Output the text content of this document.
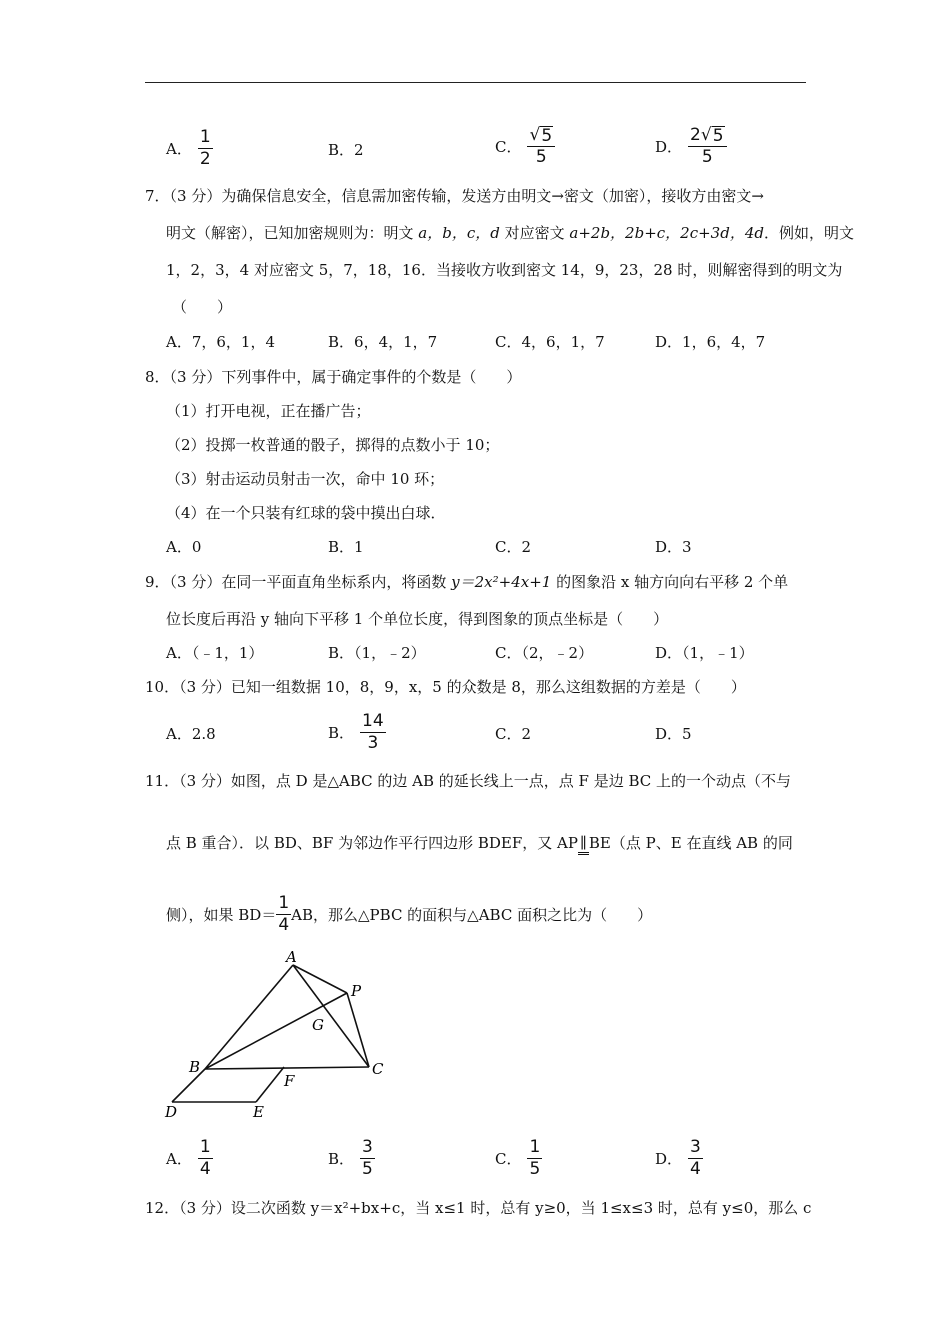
A． $\frac{1}{2}$	B．2	C． $\frac{√ 5}{5}$	D． $\frac{2 √ 5}{5}$
7．（3 分）为确保信息安全，信息需加密传输，发送方由明文→密文（加密），接收方由密文→
明文（解密），已知加密规则为：明文 a，b，c，d 对应密文 a+2b，2b+c，2c+3d，4d．例如，明文
1，2，3，4 对应密文 5，7，18，16．当接收方收到密文 14，9，23，28 时，则解密得到的明文为
（　　）
A．7，6，1，4	B．6，4，1，7	C．4，6，1，7	D．1，6，4，7
8．（3 分）下列事件中，属于确定事件的个数是（　　）
（1）打开电视，正在播广告；
（2）投掷一枚普通的骰子，掷得的点数小于 10；
（3）射击运动员射击一次，命中 10 环；
（4）在一个只装有红球的袋中摸出白球．
A．0	B．1	C．2	D．3
9．（3 分）在同一平面直角坐标系内，将函数 y＝2x²+4x+1 的图象沿 x 轴方向向右平移 2 个单
位长度后再沿 y 轴向下平移 1 个单位长度，得到图象的顶点坐标是（　　）
A．（﹣1，1）	B．（1，﹣2）	C．（2，﹣2）	D．（1，﹣1）
10．（3 分）已知一组数据 10，8，9，x，5 的众数是 8，那么这组数据的方差是（　　）
A．2.8	B． $\frac{14}{3}$	C．2	D．5
11．（3 分）如图，点 D 是△ABC 的边 AB 的延长线上一点，点 F 是边 BC 上的一个动点（不与
点 B 重合）．以 BD、BF 为邻边作平行四边形 BDEF，又 AP ∥ BE（点 P、E 在直线 AB 的同
侧），如果 $BD= \frac{1}{4}$ AB，那么△PBC 的面积与△ABC 面积之比为（　　）
A
P
G
B	C
F
D	E
A． $\frac{1}{4}$	B． $\frac{3}{5}$	C． $\frac{1}{5}$	D． $\frac{3}{4}$
12．（3 分）设二次函数 y＝x²+bx+c，当 x≤1 时，总有 y≥0，当 1≤x≤3 时，总有 y≤0，那么 c
